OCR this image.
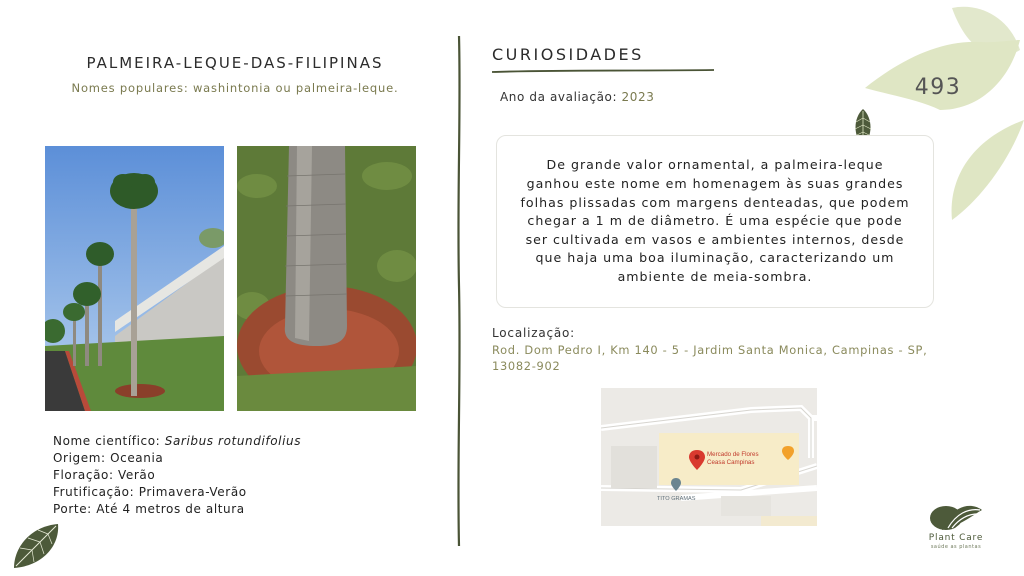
PALMEIRA-LEQUE-DAS-FILIPINAS
Nomes populares: washintonia ou palmeira-leque.
Nome científico: Saribus rotundifolius
Origem: Oceania
Floração: Verão
Frutificação: Primavera-Verão
Porte: Até 4 metros de altura
CURIOSIDADES
Ano da avaliação: 2023

De grande valor ornamental, a palmeira-leque ganhou este nome em homenagem às suas grandes folhas plissadas com margens denteadas, que podem chegar a 1 m de diâmetro. É uma espécie que pode ser cultivada em vasos e ambientes internos, desde que haja uma boa iluminação, caracterizando um ambiente de meia-sombra.

Localização:
Rod. Dom Pedro I, Km 140 - 5 - Jardim Santa Monica, Campinas - SP, 13082-902
Mercado de Flores
Ceasa Campinas
TITO GRAMAS
493
Plant Care
saúde as plantas
